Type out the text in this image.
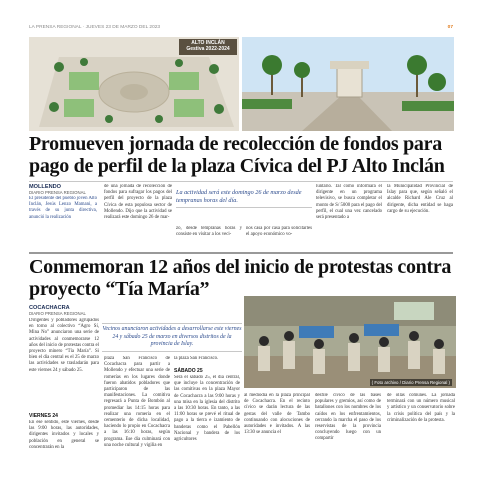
LA PRENSA REGIONAL · JUEVES 23 DE MARZO DEL 2023	07
ALTO INCLÁN
Gestiva 2022-2024
Promueven jornada de recolección de fondos para pago de perfil de la plaza Cívica del PJ Alto Inclán
MOLLENDO
DIARIO PRENSA REGIONAL
El presidente del pueblo joven Alto Inclán, Jesús Lenzo Mamani, a través de su junta directiva, anunció la realización
de una jornada de recolección de fondos para sufragar los pagos del perfil del proyecto de la plaza Cívica de esta populosa sector de Mollendo. Dijo que la actividad se realizará este domingo 26 de mar-
La actividad será este domingo 26 de marzo desde tempranas horas del día.
zo, desde tempranas horas y consiste en visitar a los veci-
nos casa por casa para solicitarles el apoyo económico vo-
luntario. Tal como informara el dirigente en un programa televisivo, se busca completar el monto de S/ 5000 para el pago del perfil, el cual una vez cancelado será presentado a
la Municipalidad Provincial de Islay para que, según señaló el alcalde Richard Ale Cruz al dirigente, dicha entidad se haga cargo de su ejecución.
Conmemoran 12 años del inicio de protestas contra proyecto “Tía María”
COCACHACRA
DIARIO PRENSA REGIONAL
Dirigentes y pobladores agrupados en torno al colectivo “Agro Sí, Mina No” anunciaron una serie de actividades al conmemorarse 12 años del inicio de protestas contra el proyecto minero “Tía María”. Si bien el día central es el 25 de marzo las actividades se trasladarán para este viernes 24 y sábado 25.
VIERNES 24
En ese sentido, este viernes, desde las 9:00 horas, las autoridades, dirigentes invitados y locales y población en general se concentrarán en la
Vecinos anunciaron actividades a desarrollarse este viernes 24 y sábado 25 de marzo en diversos distritos de la provincia de Islay.
plaza San Francisco de Cocachacra para partir a Mollendo y efectuar una serie de romerías en los lugares donde fueron abatidos pobladores que participaron de las manifestaciones. La comitiva regresará a Punta de Bombón al promediar las 14:15 horas para realizar una romería en el cementerio de dicha localidad, haciendo lo propio en Cocachacra a las 16:10 horas, según programa. Ese día culminará con una noche cultural y vigilia en
la plaza San Francisco.
SÁBADO 25
Será el sábado 25, el día central, que incluye la concentración de las comitivas en la plaza Mayor de Cocachacra a las 9:00 horas y una misa en la iglesia del distrito a las 10:30 horas. En tanto, a las 11:00 horas se prevé el ritual de pago a la tierra e izamiento de banderas como el Pabellón Nacional y bandera de los agricultores
( Foto archivo / Diario Prensa Regional )
al mediodía en la plaza principal de Cocachacra. En el recinto cívico se darán lectura de las gestas del valle de Tambo continuando con alocuciones de autoridades e invitados. A las 13:30 se anuncia el
desfile cívico de las bases populares y gremios, así como de batallones con los nombres de los caídos en los enfrentamientos, cerrando la marcha el paso de los reservistas de la provincia concluyendo luego con un compartir
de ollas comunes. La jornada terminará con un número musical y artístico y un conservatorio sobre la crisis política del país y la criminalización de la protesta.
